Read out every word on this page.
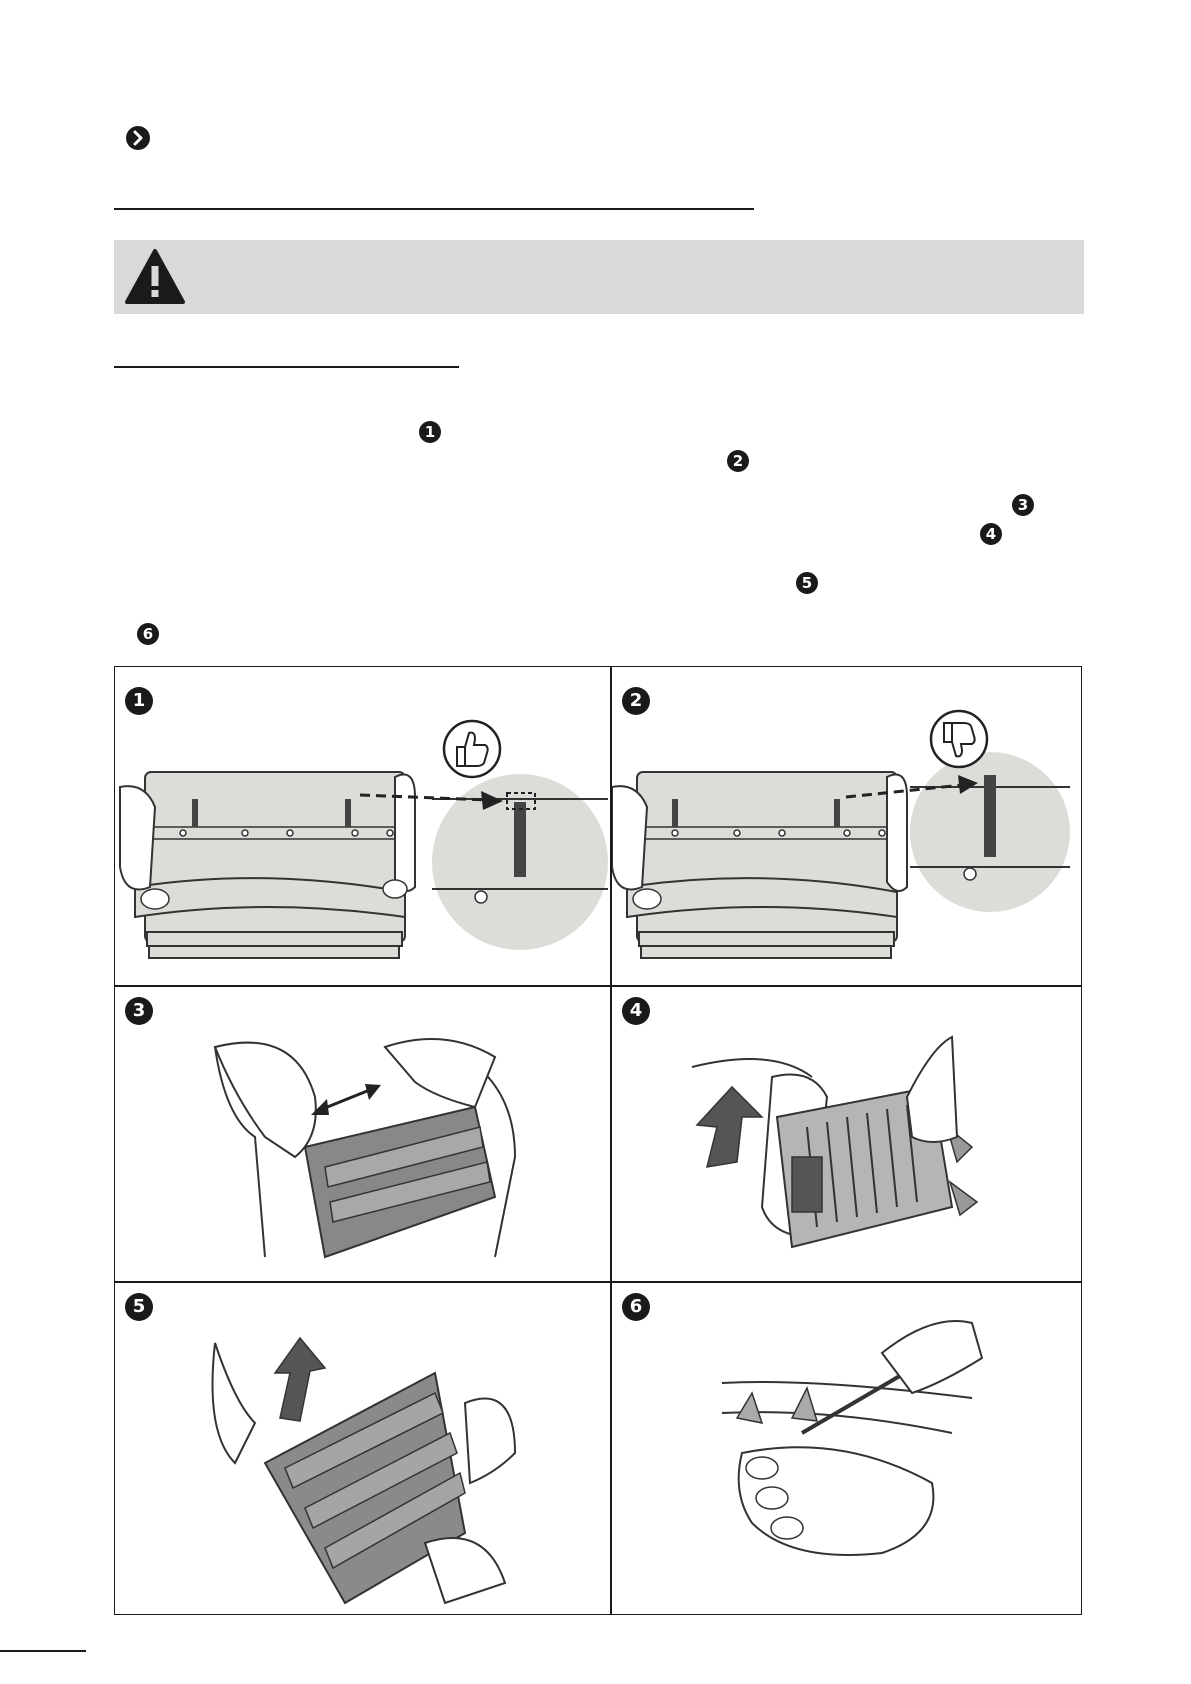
1
2
3
4
5
6
1	2
3	4
5	6
